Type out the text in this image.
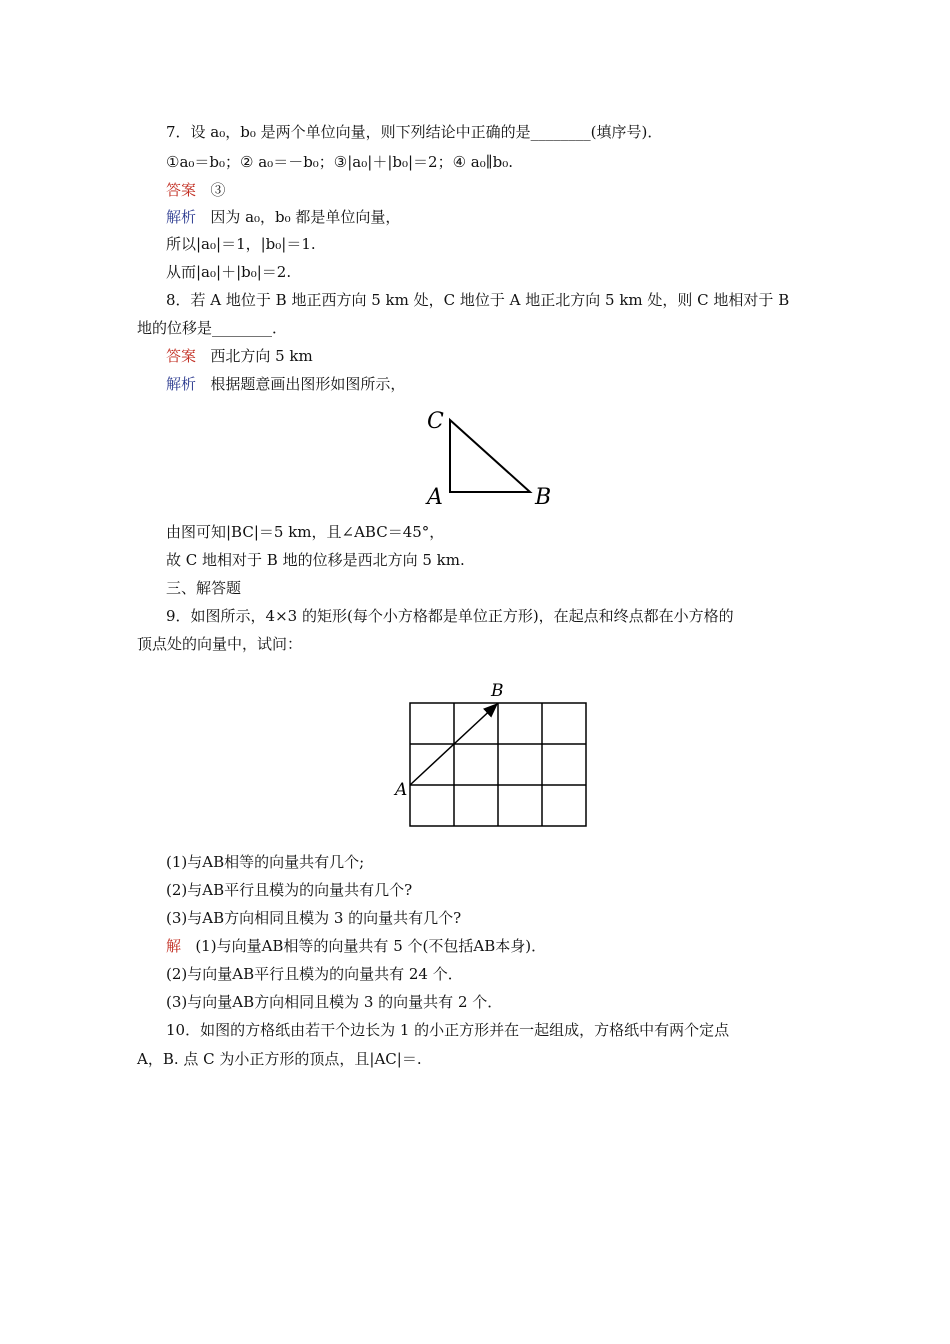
7．设 a₀，b₀ 是两个单位向量，则下列结论中正确的是________(填序号)．
①a₀＝b₀；② a₀＝－b₀；③|a₀|＋|b₀|＝2；④ a₀∥b₀.
答案 ③
解析 因为 a₀，b₀ 都是单位向量，
所以|a₀|＝1，|b₀|＝1.
从而|a₀|＋|b₀|＝2.
8．若 A 地位于 B 地正西方向 5 km 处，C 地位于 A 地正北方向 5 km 处，则 C 地相对于 B
地的位移是________．
答案 西北方向 5 km
解析 根据题意画出图形如图所示，
C
A	B
由图可知|BC|＝5 km，且∠ABC＝45°，
故 C 地相对于 B 地的位移是西北方向 5 km.
三、解答题
9．如图所示，4×3 的矩形(每个小方格都是单位正方形)，在起点和终点都在小方格的
顶点处的向量中，试问：
B
A
(1)与AB相等的向量共有几个;
(2)与AB平行且模为的向量共有几个?
(3)与AB方向相同且模为 3 的向量共有几个?
解 (1)与向量AB相等的向量共有 5 个(不包括AB本身)．
(2)与向量AB平行且模为的向量共有 24 个．
(3)与向量AB方向相同且模为 3 的向量共有 2 个．
10．如图的方格纸由若干个边长为 1 的小正方形并在一起组成，方格纸中有两个定点
A，B. 点 C 为小正方形的顶点，且|AC|＝.
